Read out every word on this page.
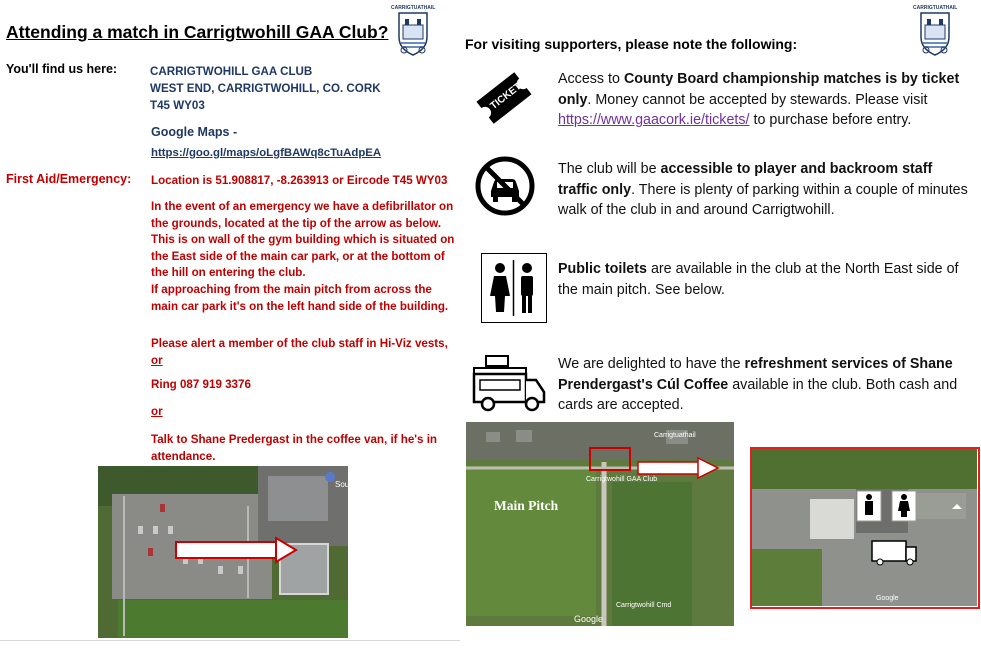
Attending a match in Carrigtwohill GAA Club?
CARRIGTUATHAIL
You'll find us here:	CARRIGTWOHILL GAA CLUB
WEST END, CARRIGTWOHILL, CO. CORK
T45 WY03
Google Maps -
https://goo.gl/maps/oLgfBAWq8cTuAdpEA
First Aid/Emergency: Location is 51.908817, -8.263913 or Eircode T45 WY03
In the event of an emergency we have a defibrillator on
the grounds, located at the tip of the arrow as below.
This is on wall of the gym building which is situated on
the East side of the main car park, or at the bottom of
the hill on entering the club.
If approaching from the main pitch from across the
main car park it's on the left hand side of the building.
Please alert a member of the club staff in Hi-Viz vests,
or
Ring 087 919 3376
or
Talk to Shane Predergast in the coffee van, if he's in
attendance.
Sout
For visiting supporters, please note the following:
CARRIGTUATHAIL
TICKET
Access to County Board championship matches is by ticket only. Money cannot be accepted by stewards. Please visit https://www.gaacork.ie/tickets/ to purchase before entry.
The club will be accessible to player and backroom staff traffic only. There is plenty of parking within a couple of minutes walk of the club in and around Carrigtwohill.
Public toilets are available in the club at the North East side of the main pitch. See below.
We are delighted to have the refreshment services of Shane Prendergast's Cúl Coffee available in the club. Both cash and cards are accepted.
Main Pitch
Carrigtwohill GAA Club
Carrigtuathail
Carrigtwohill Cmd
Google
Google
